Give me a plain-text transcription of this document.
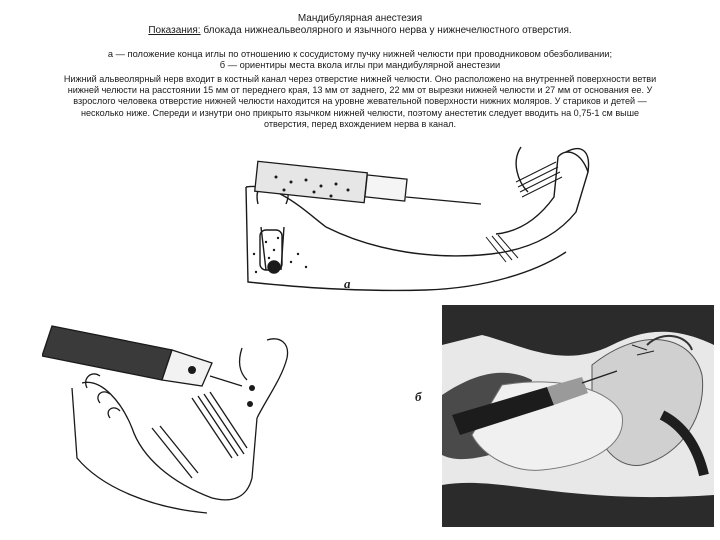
Мандибулярная анестезия
Показания: блокада нижнеальвеолярного и язычного нерва у нижнечелюстного отверстия.
а — положение конца иглы по отношению к сосудистому пучку нижней челюсти при проводниковом обезболивании;
б — ориентиры места вкола иглы при мандибулярной анестезии
Нижний альвеолярный нерв входит в костный канал через отверстие нижней челюсти. Оно расположено на внутренней поверхности ветви
нижней челюсти на расстоянии 15 мм от переднего края, 13 мм от заднего, 22 мм от вырезки нижней челюсти и 27 мм от основания ее. У
взрослого человека отверстие нижней челюсти находится на уровне жевательной поверхности нижних моляров. У стариков и детей —
несколько ниже. Спереди и изнутри оно прикрыто язычком нижней челюсти, поэтому анестетик следует вводить на 0,75-1 см выше
отверстия, перед вхождением нерва в канал.
а
б
